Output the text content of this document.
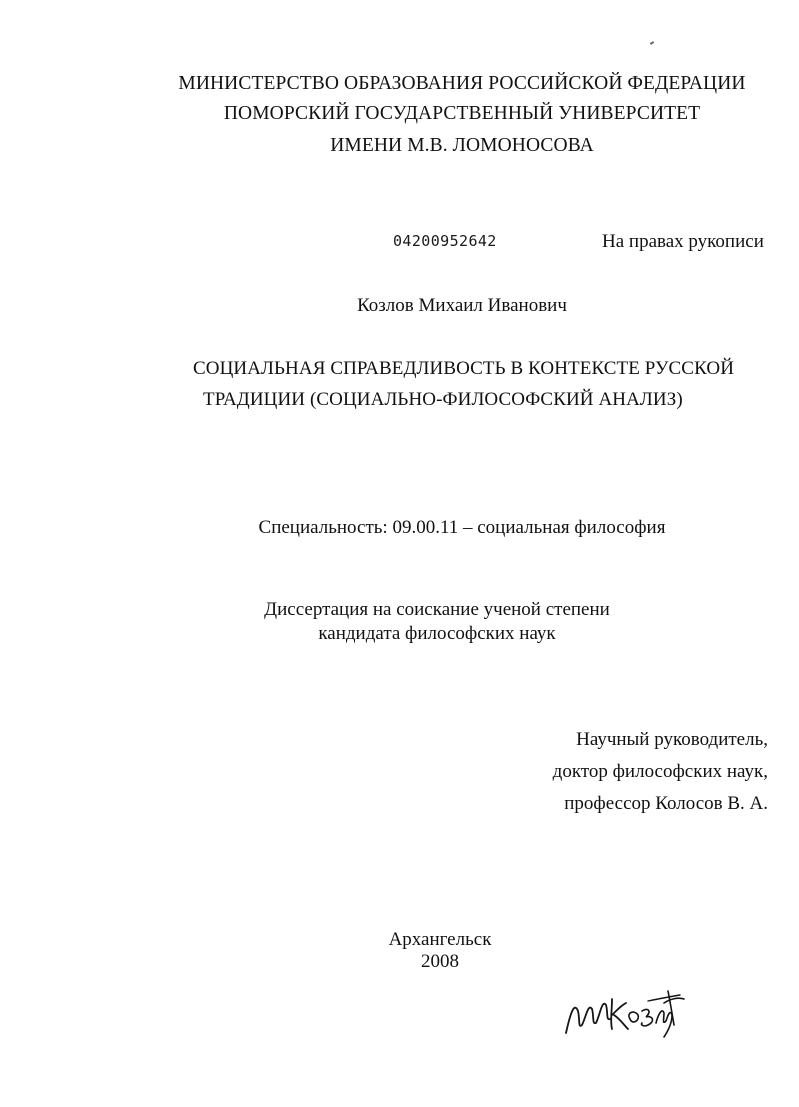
МИНИСТЕРСТВО ОБРАЗОВАНИЯ РОССИЙСКОЙ ФЕДЕРАЦИИ
ПОМОРСКИЙ ГОСУДАРСТВЕННЫЙ УНИВЕРСИТЕТ
ИМЕНИ М.В. ЛОМОНОСОВА
04200952642	На правах рукописи
Козлов Михаил Иванович
СОЦИАЛЬНАЯ СПРАВЕДЛИВОСТЬ В КОНТЕКСТЕ РУССКОЙ
ТРАДИЦИИ (СОЦИАЛЬНО-ФИЛОСОФСКИЙ АНАЛИЗ)
Специальность: 09.00.11 – социальная философия
Диссертация на соискание ученой степени
кандидата философских наук
Научный руководитель,
доктор философских наук,
профессор Колосов В. А.
Архангельск
2008
